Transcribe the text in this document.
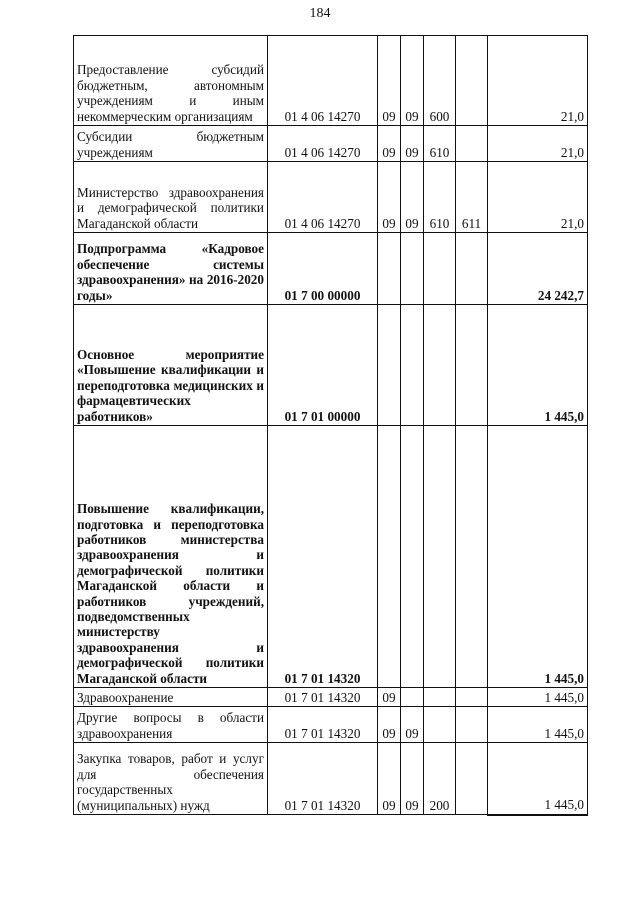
184
Предоставление субсидий бюджетным, автономным учреждениям и иным некоммерческим организациям	01 4 06 14270	09	09	600		21,0
Субсидии бюджетным учреждениям	01 4 06 14270	09	09	610		21,0
Министерство здравоохранения и демографической политики Магаданской области	01 4 06 14270	09	09	610	611	21,0
Подпрограмма «Кадровое обеспечение системы здравоохранения» на 2016-2020 годы»	01 7 00 00000					24 242,7
Основное мероприятие «Повышение квалификации и переподготовка медицинских и фармацевтических работников»	01 7 01 00000					1 445,0
Повышение квалификации, подготовка и переподготовка работников министерства здравоохранения и демографической политики Магаданской области и работников учреждений, подведомственных министерству здравоохранения и демографической политики Магаданской области	01 7 01 14320					1 445,0
Здравоохранение	01 7 01 14320	09				1 445,0
Другие вопросы в области здравоохранения	01 7 01 14320	09	09			1 445,0
Закупка товаров, работ и услуг для обеспечения государственных (муниципальных) нужд	01 7 01 14320	09	09	200		1 445,0
